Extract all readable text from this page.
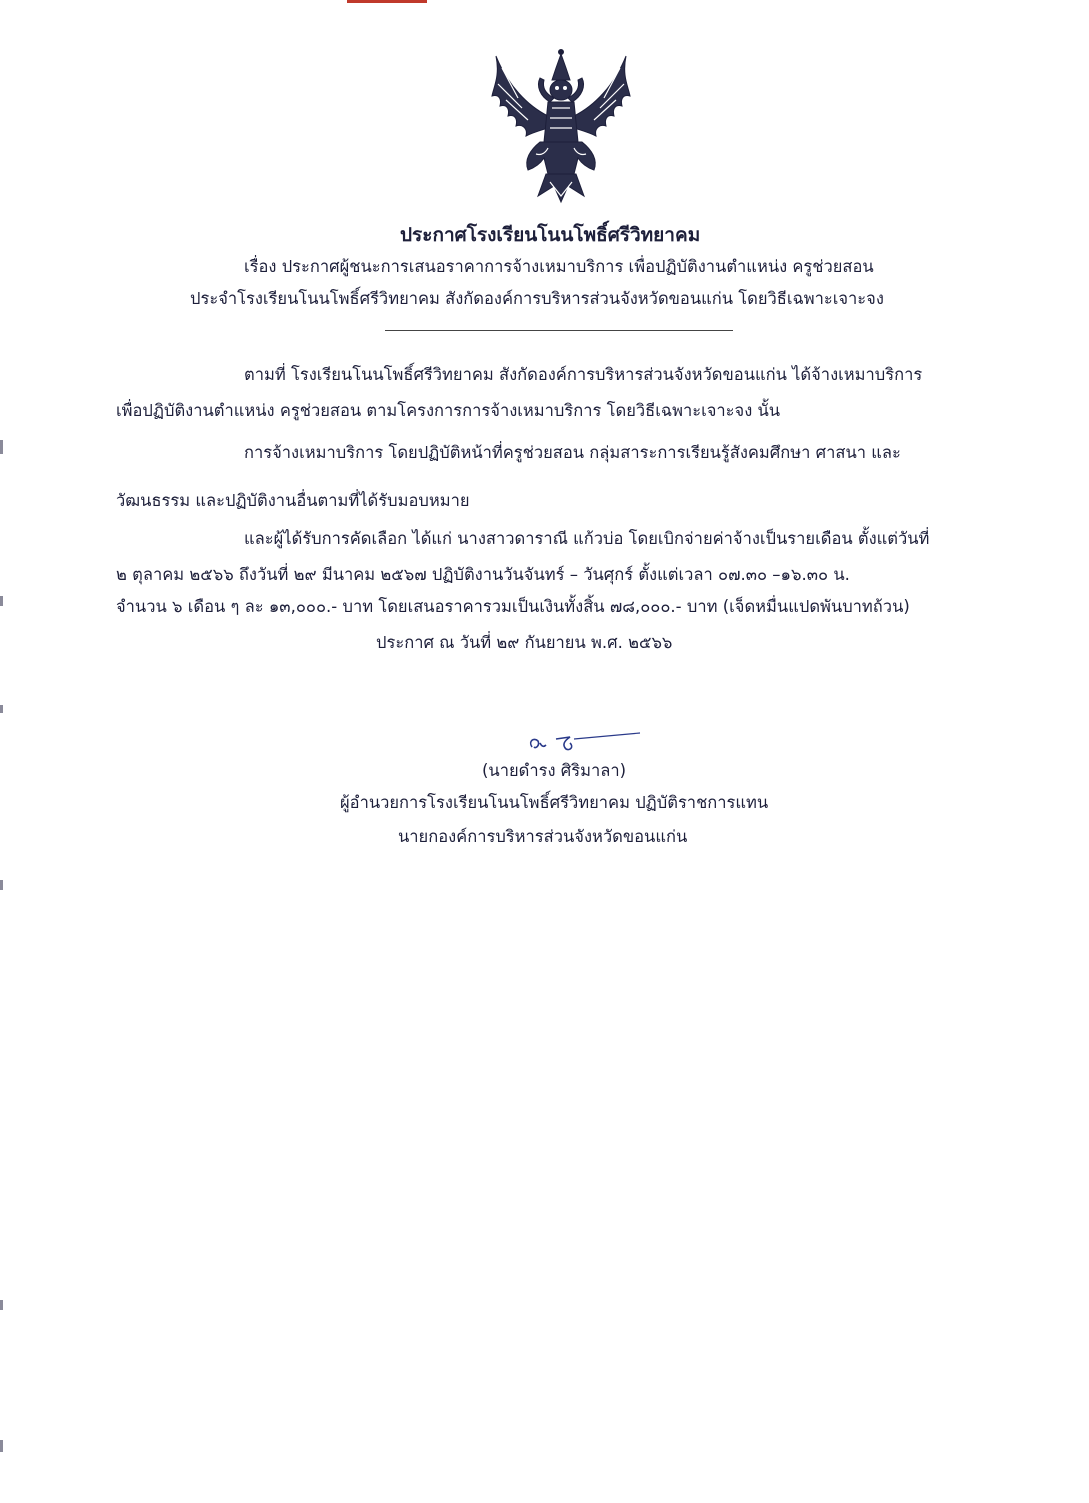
ประกาศโรงเรียนโนนโพธิ์ศรีวิทยาคม
เรื่อง ประกาศผู้ชนะการเสนอราคาการจ้างเหมาบริการ เพื่อปฏิบัติงานตำแหน่ง ครูช่วยสอน
ประจำโรงเรียนโนนโพธิ์ศรีวิทยาคม สังกัดองค์การบริหารส่วนจังหวัดขอนแก่น โดยวิธีเฉพาะเจาะจง
ตามที่ โรงเรียนโนนโพธิ์ศรีวิทยาคม สังกัดองค์การบริหารส่วนจังหวัดขอนแก่น ได้จ้างเหมาบริการ
เพื่อปฏิบัติงานตำแหน่ง ครูช่วยสอน ตามโครงการการจ้างเหมาบริการ โดยวิธีเฉพาะเจาะจง นั้น
การจ้างเหมาบริการ โดยปฏิบัติหน้าที่ครูช่วยสอน กลุ่มสาระการเรียนรู้สังคมศึกษา ศาสนา และ
วัฒนธรรม และปฏิบัติงานอื่นตามที่ได้รับมอบหมาย
และผู้ได้รับการคัดเลือก ได้แก่ นางสาวดาราณี แก้วบ่อ โดยเบิกจ่ายค่าจ้างเป็นรายเดือน ตั้งแต่วันที่
๒ ตุลาคม ๒๕๖๖ ถึงวันที่ ๒๙ มีนาคม ๒๕๖๗ ปฏิบัติงานวันจันทร์ – วันศุกร์ ตั้งแต่เวลา ๐๗.๓๐ –๑๖.๓๐ น.
จำนวน ๖ เดือน ๆ ละ ๑๓,๐๐๐.- บาท โดยเสนอราคารวมเป็นเงินทั้งสิ้น ๗๘,๐๐๐.- บาท (เจ็ดหมื่นแปดพันบาทถ้วน)
ประกาศ ณ วันที่ ๒๙ กันยายน พ.ศ. ๒๕๖๖
(นายดำรง ศิริมาลา)
ผู้อำนวยการโรงเรียนโนนโพธิ์ศรีวิทยาคม ปฏิบัติราชการแทน
นายกองค์การบริหารส่วนจังหวัดขอนแก่น
